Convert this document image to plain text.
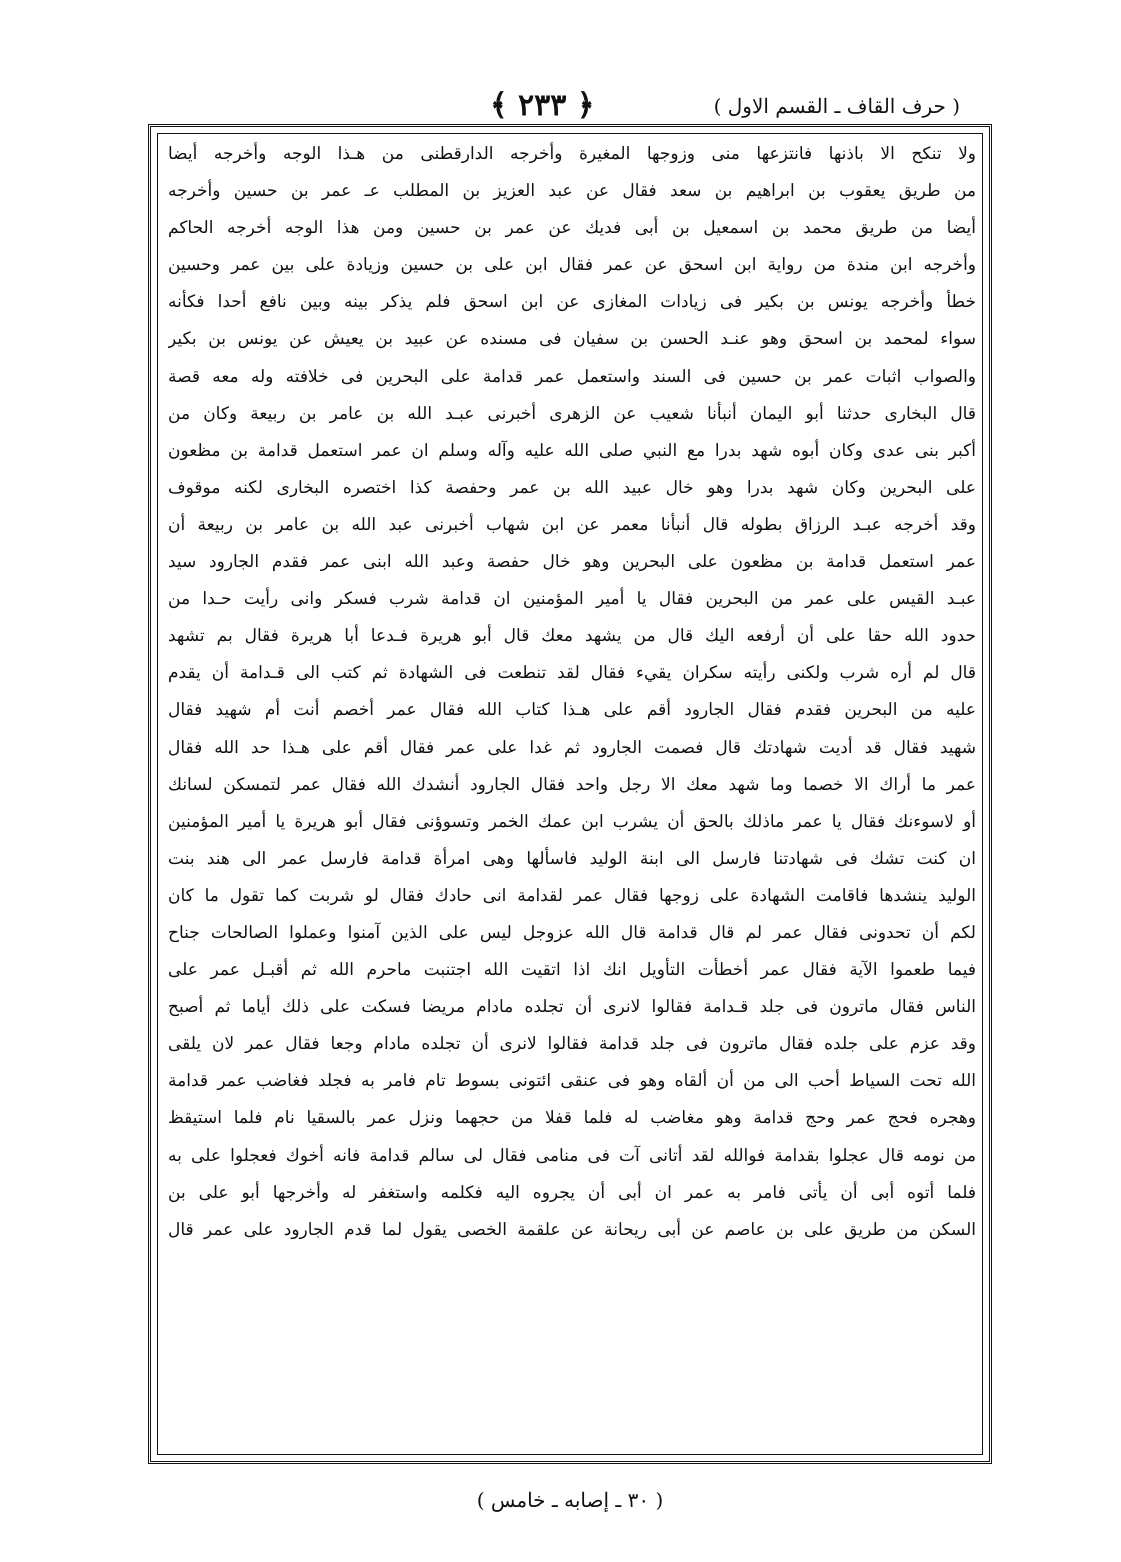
( حرف القاف ـ القسم الاول )
﴿ ٢٣٣ ﴾
ولا تنكح الا باذنها فانتزعها منى وزوجها المغيرة وأخرجه الدارقطنى من هـذا الوجه وأخرجه أيضا
من طريق يعقوب بن ابراهيم بن سعد فقال عن عبد العزيز بن المطلب عـ عمر بن حسين وأخرجه
أيضا من طريق محمد بن اسمعيل بن أبى فديك عن عمر بن حسين ومن هذا الوجه أخرجه الحاكم
وأخرجه ابن مندة من رواية ابن اسحق عن عمر فقال ابن على بن حسين وزيادة على بين عمر وحسين
خطأ وأخرجه يونس بن بكير فى زيادات المغازى عن ابن اسحق فلم يذكر بينه وبين نافع أحدا فكأنه
سواء لمحمد بن اسحق وهو عنـد الحسن بن سفيان فى مسنده عن عبيد بن يعيش عن يونس بن بكير
والصواب اثبات عمر بن حسين فى السند واستعمل عمر قدامة على البحرين فى خلافته وله معه قصة
قال البخارى حدثنا أبو اليمان أنبأنا شعيب عن الزهرى أخبرنى عبـد الله بن عامر بن ربيعة وكان من
أكبر بنى عدى وكان أبوه شهد بدرا مع النبي صلى الله عليه وآله وسلم ان عمر استعمل قدامة بن مظعون
على البحرين وكان شهد بدرا وهو خال عبيد الله بن عمر وحفصة كذا اختصره البخارى لكنه موقوف
وقد أخرجه عبـد الرزاق بطوله قال أنبأنا معمر عن ابن شهاب أخبرنى عبد الله بن عامر بن ربيعة أن
عمر استعمل قدامة بن مظعون على البحرين وهو خال حفصة وعبد الله ابنى عمر فقدم الجارود سيد
عبـد القيس على عمر من البحرين فقال يا أمير المؤمنين ان قدامة شرب فسكر وانى رأيت حـدا من
حدود الله حقا على أن أرفعه اليك قال من يشهد معك قال أبو هريرة فـدعا أبا هريرة فقال بم تشهد
قال لم أره شرب ولكنى رأيته سكران يقيء فقال لقد تنطعت فى الشهادة ثم كتب الى قـدامة أن يقدم
عليه من البحرين فقدم فقال الجارود أقم على هـذا كتاب الله فقال عمر أخصم أنت أم شهيد فقال
شهيد فقال قد أديت شهادتك قال فصمت الجارود ثم غدا على عمر فقال أقم على هـذا حد الله فقال
عمر ما أراك الا خصما وما شهد معك الا رجل واحد فقال الجارود أنشدك الله فقال عمر لتمسكن لسانك
أو لاسوءنك فقال يا عمر ماذلك بالحق أن يشرب ابن عمك الخمر وتسوؤنى فقال أبو هريرة يا أمير المؤمنين
ان كنت تشك فى شهادتنا فارسل الى ابنة الوليد فاسألها وهى امرأة قدامة فارسل عمر الى هند بنت
الوليد ينشدها فاقامت الشهادة على زوجها فقال عمر لقدامة انى حادك فقال لو شربت كما تقول ما كان
لكم أن تحدونى فقال عمر لم قال قدامة قال الله عزوجل ليس على الذين آمنوا وعملوا الصالحات جناح
فيما طعموا الآية فقال عمر أخطأت التأويل انك اذا اتقيت الله اجتنبت ماحرم الله ثم أقبـل عمر على
الناس فقال ماترون فى جلد قـدامة فقالوا لانرى أن تجلده مادام مريضا فسكت على ذلك أياما ثم أصبح
وقد عزم على جلده فقال ماترون فى جلد قدامة فقالوا لانرى أن تجلده مادام وجعا فقال عمر لان يلقى
الله تحت السياط أحب الى من أن ألقاه وهو فى عنقى ائتونى بسوط تام فامر به فجلد فغاضب عمر قدامة
وهجره فحج عمر وحج قدامة وهو مغاضب له فلما قفلا من حجهما ونزل عمر بالسقيا نام فلما استيقظ
من نومه قال عجلوا بقدامة فوالله لقد أتانى آت فى منامى فقال لى سالم قدامة فانه أخوك فعجلوا على به
فلما أتوه أبى أن يأتى فامر به عمر ان أبى أن يجروه اليه فكلمه واستغفر له وأخرجها أبو على بن
السكن من طريق على بن عاصم عن أبى ريحانة عن علقمة الخصى يقول لما قدم الجارود على عمر قال
( ٣٠ ـ إصابه ـ خامس )
